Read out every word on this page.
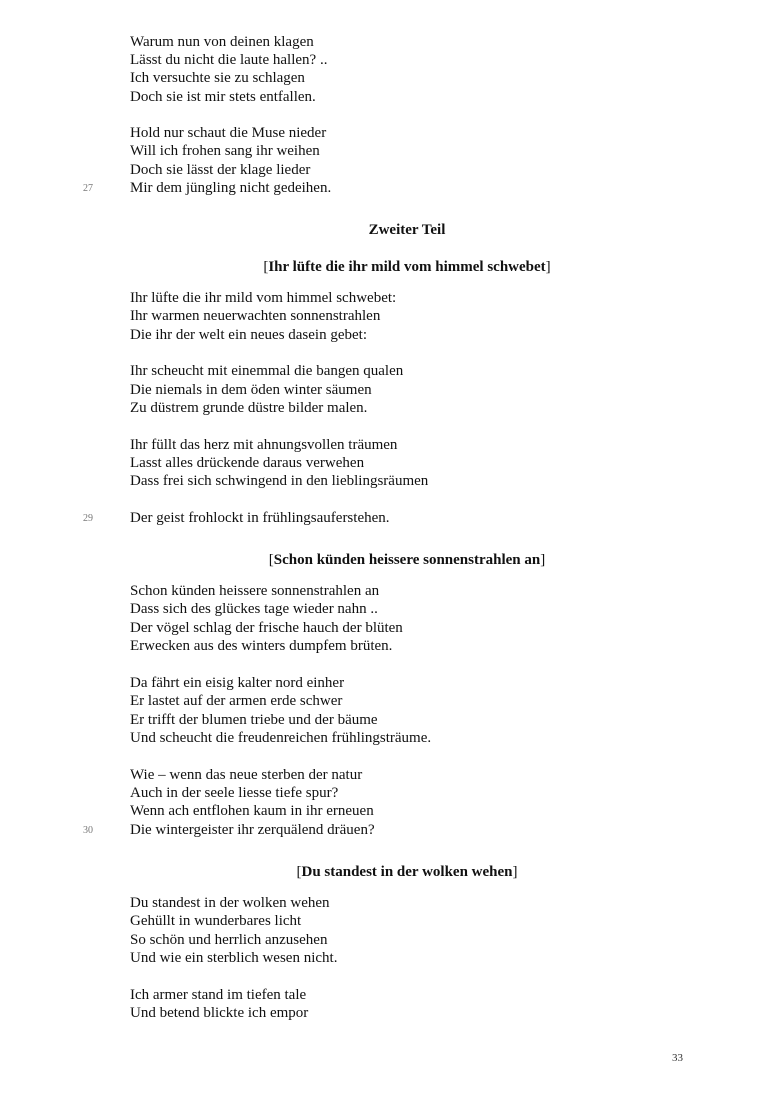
Warum nun von deinen klagen
Lässt du nicht die laute hallen? ..
Ich versuchte sie zu schlagen
Doch sie ist mir stets entfallen.
Hold nur schaut die Muse nieder
Will ich frohen sang ihr weihen
Doch sie lässt der klage lieder
Mir dem jüngling nicht gedeihen.
27
Zweiter Teil
[Ihr lüfte die ihr mild vom himmel schwebet]
Ihr lüfte die ihr mild vom himmel schwebet:
Ihr warmen neuerwachten sonnenstrahlen
Die ihr der welt ein neues dasein gebet:
Ihr scheucht mit einemmal die bangen qualen
Die niemals in dem öden winter säumen
Zu düstrem grunde düstre bilder malen.
Ihr füllt das herz mit ahnungsvollen träumen
Lasst alles drückende daraus verwehen
Dass frei sich schwingend in den lieblingsräumen
Der geist frohlockt in frühlingsauferstehen.
29
[Schon künden heissere sonnenstrahlen an]
Schon künden heissere sonnenstrahlen an
Dass sich des glückes tage wieder nahn ..
Der vögel schlag der frische hauch der blüten
Erwecken aus des winters dumpfem brüten.
Da fährt ein eisig kalter nord einher
Er lastet auf der armen erde schwer
Er trifft der blumen triebe und der bäume
Und scheucht die freudenreichen frühlingsträume.
Wie – wenn das neue sterben der natur
Auch in der seele liesse tiefe spur?
Wenn ach entflohen kaum in ihr erneuen
Die wintergeister ihr zerquälend dräuen?
30
[Du standest in der wolken wehen]
Du standest in der wolken wehen
Gehüllt in wunderbares licht
So schön und herrlich anzusehen
Und wie ein sterblich wesen nicht.
Ich armer stand im tiefen tale
Und betend blickte ich empor
33
